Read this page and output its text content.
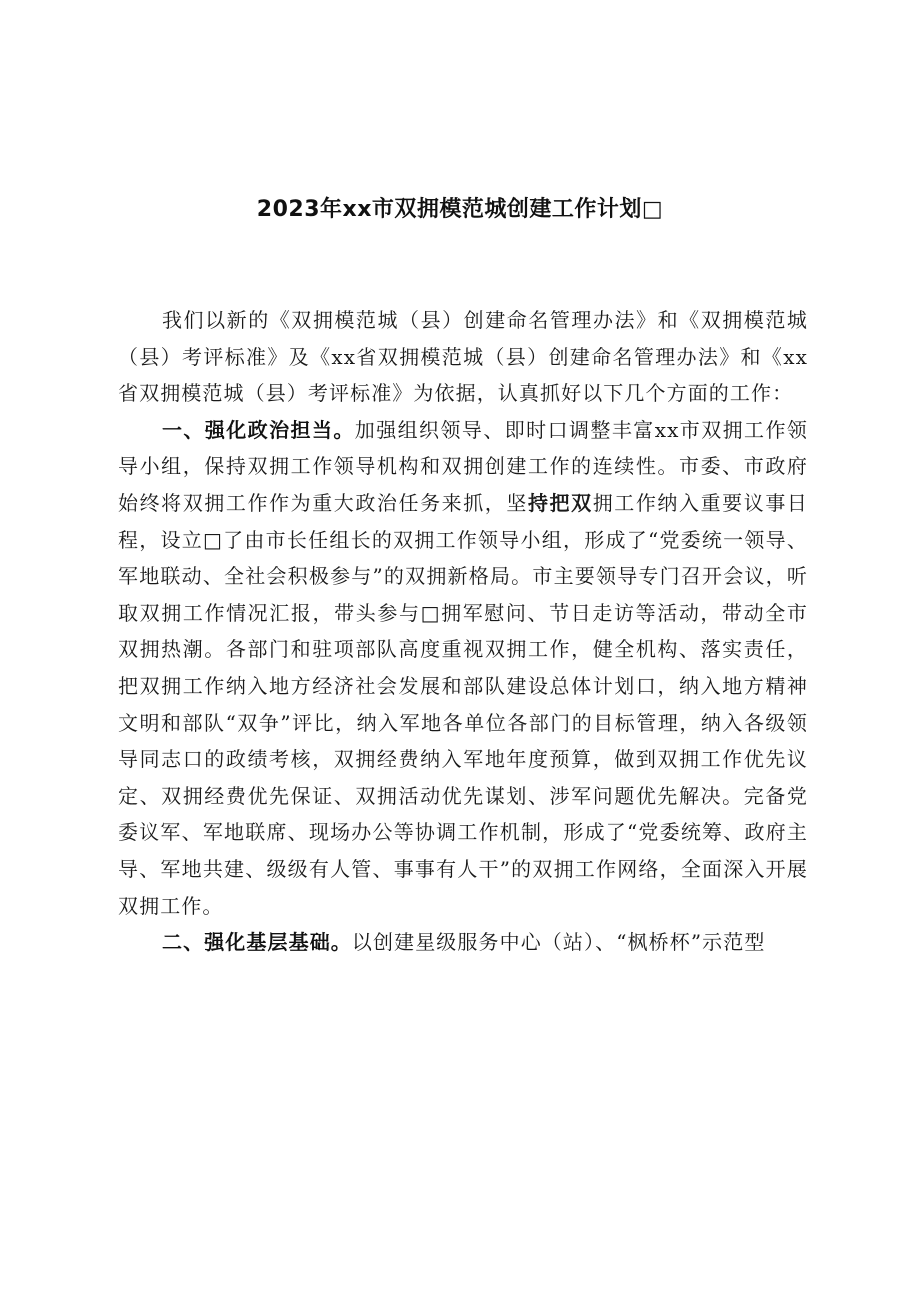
2023年xx市双拥模范城创建工作计划□

我们以新的《双拥模范城（县）创建命名管理办法》和《双拥模范城（县）考评标准》及《xx省双拥模范城（县）创建命名管理办法》和《xx省双拥模范城（县）考评标准》为依据，认真抓好以下几个方面的工作：

一、强化政治担当。加强组织领导、即时口调整丰富xx市双拥工作领导小组，保持双拥工作领导机构和双拥创建工作的连续性。市委、市政府始终将双拥工作作为重大政治任务来抓，坚持把双拥工作纳入重要议事日程，设立□了由市长任组长的双拥工作领导小组，形成了“党委统一领导、军地联动、全社会积极参与”的双拥新格局。市主要领导专门召开会议，听取双拥工作情况汇报，带头参与□拥军慰问、节日走访等活动，带动全市双拥热潮。各部门和驻项部队高度重视双拥工作，健全机构、落实责任，把双拥工作纳入地方经济社会发展和部队建设总体计划口，纳入地方精神文明和部队“双争”评比，纳入军地各单位各部门的目标管理，纳入各级领导同志口的政绩考核，双拥经费纳入军地年度预算，做到双拥工作优先议定、双拥经费优先保证、双拥活动优先谋划、涉军问题优先解决。完备党委议军、军地联席、现场办公等协调工作机制，形成了“党委统筹、政府主导、军地共建、级级有人管、事事有人干”的双拥工作网络，全面深入开展双拥工作。

二、强化基层基础。以创建星级服务中心（站）、“枫桥杯”示范型
